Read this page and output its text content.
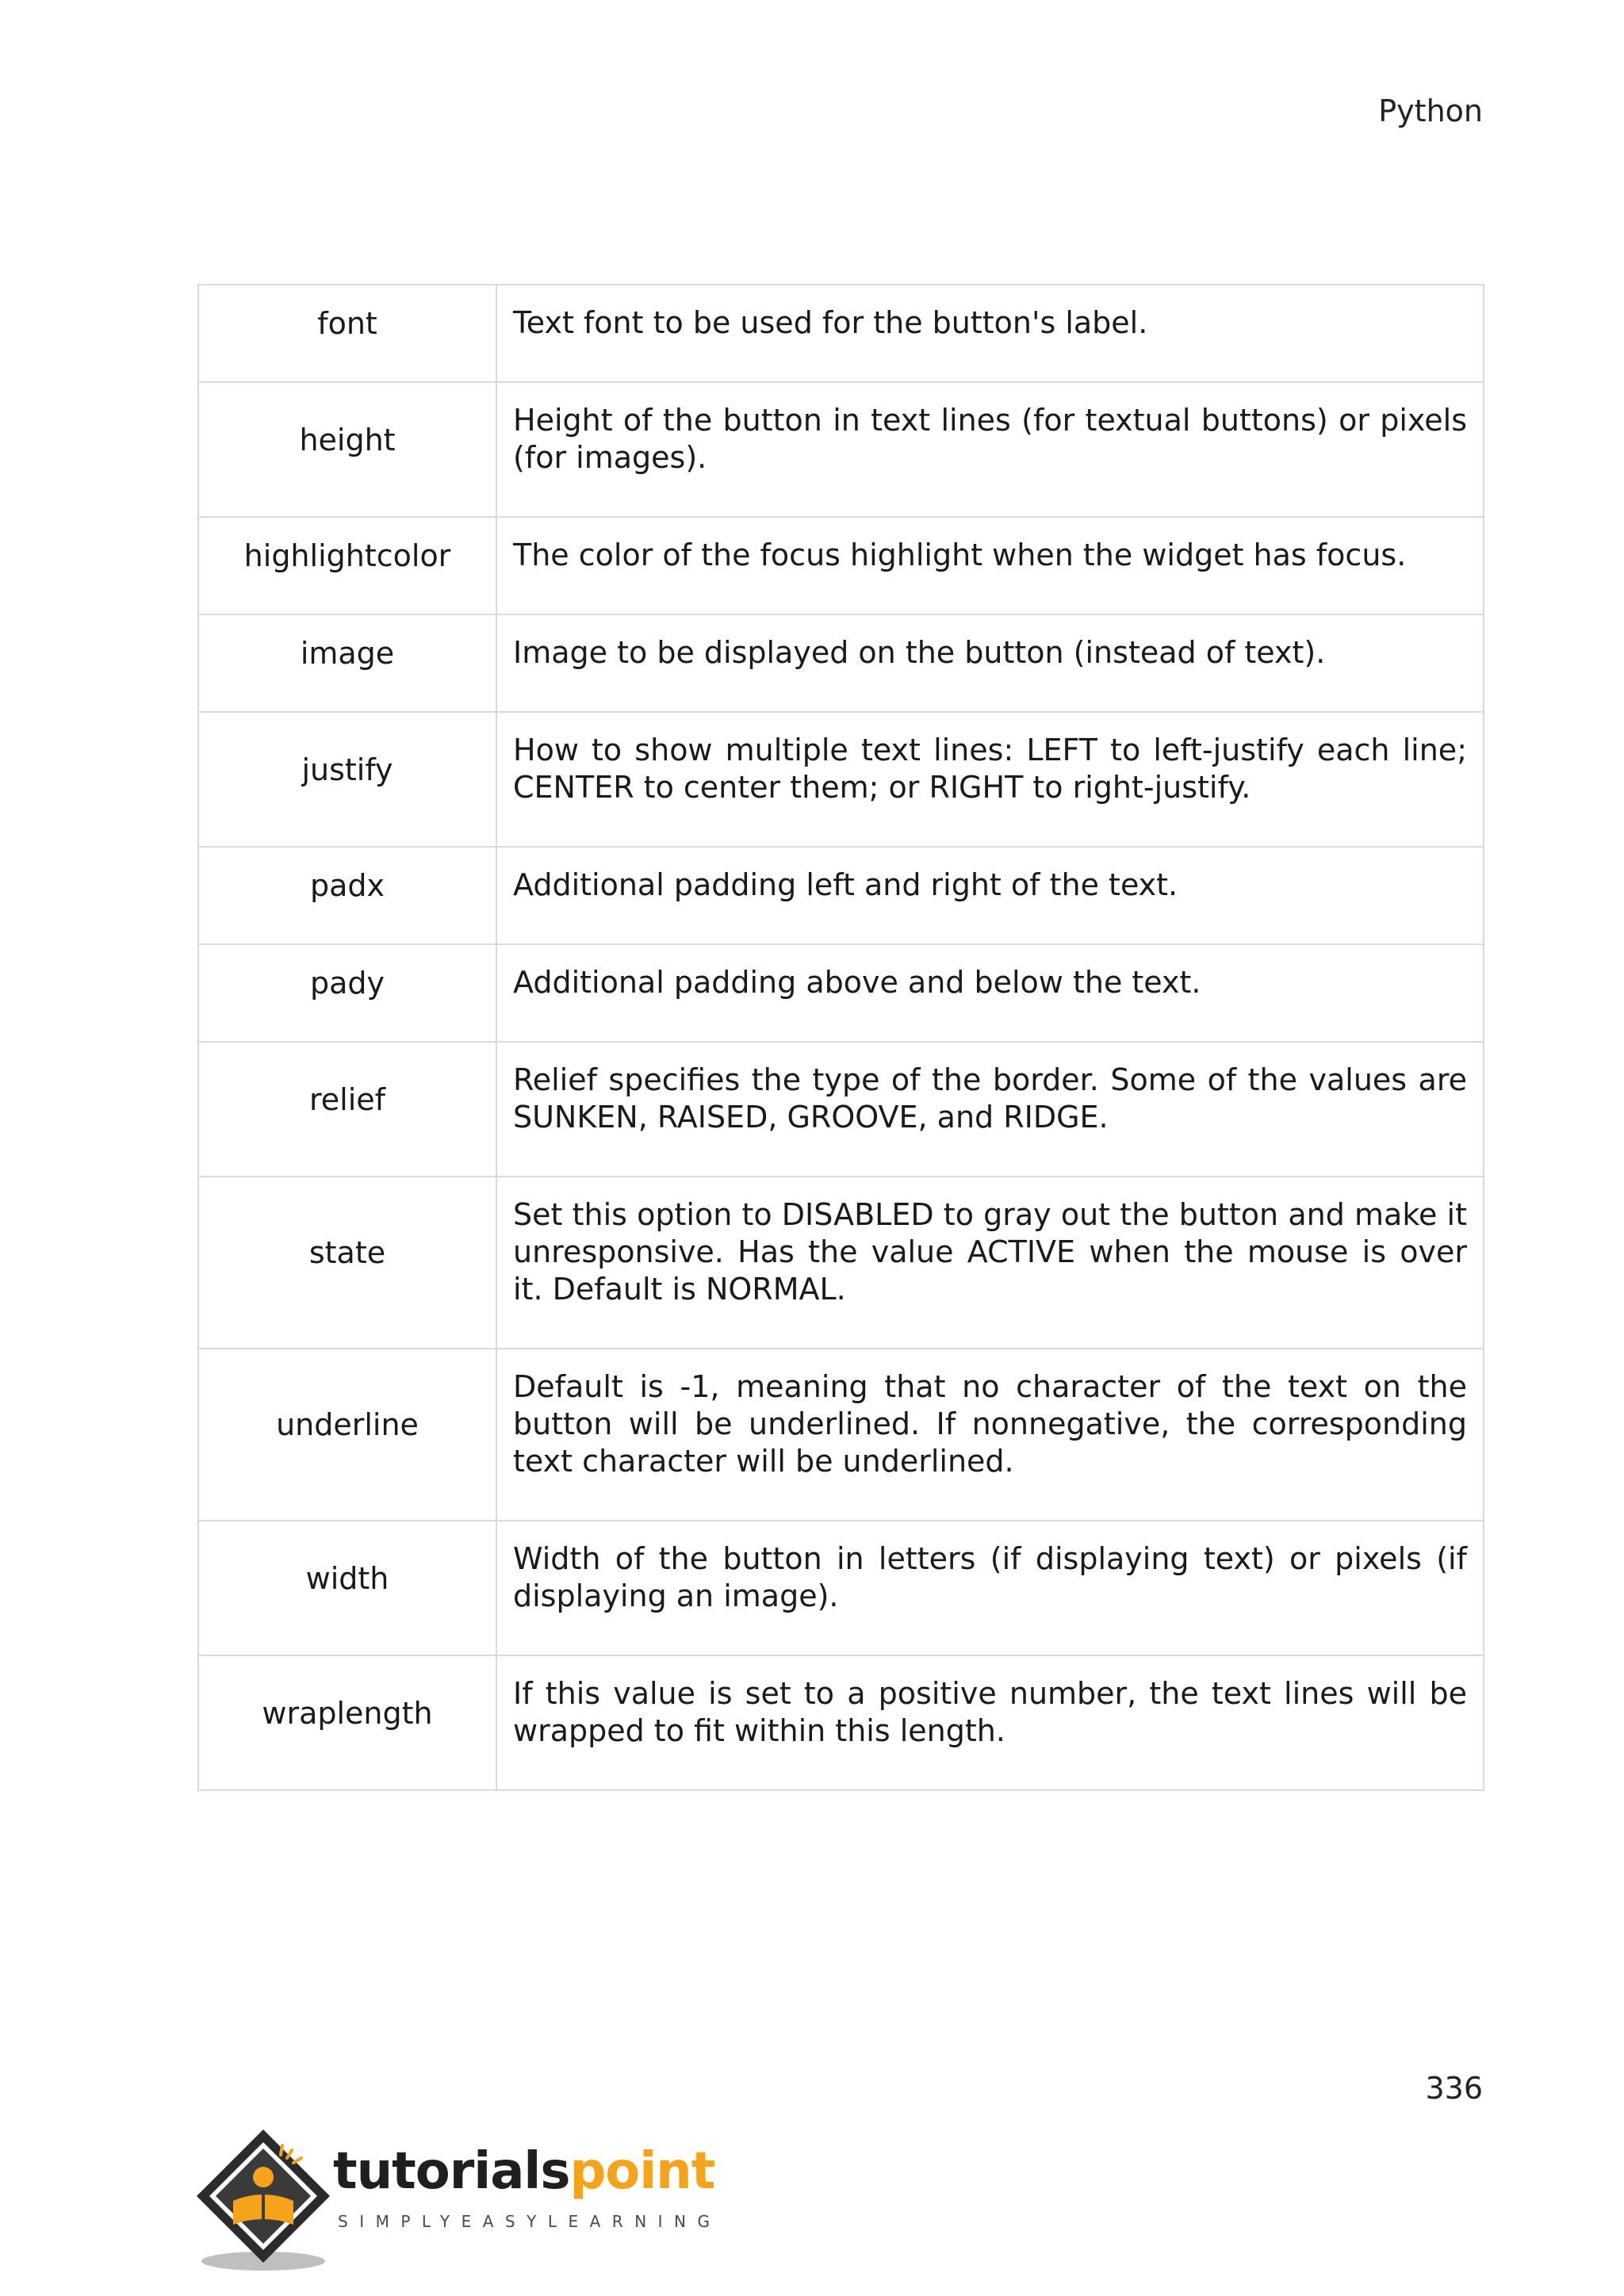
Python
font	Text font to be used for the button's label.
height	Height of the button in text lines (for textual buttons) or pixels (for images).
highlightcolor	The color of the focus highlight when the widget has focus.
image	Image to be displayed on the button (instead of text).
justify	How to show multiple text lines: LEFT to left-justify each line; CENTER to center them; or RIGHT to right-justify.
padx	Additional padding left and right of the text.
pady	Additional padding above and below the text.
relief	Relief specifies the type of the border. Some of the values are SUNKEN, RAISED, GROOVE, and RIDGE.
state	Set this option to DISABLED to gray out the button and make it unresponsive. Has the value ACTIVE when the mouse is over it. Default is NORMAL.
underline	Default is -1, meaning that no character of the text on the button will be underlined. If nonnegative, the corresponding text character will be underlined.
width	Width of the button in letters (if displaying text) or pixels (if displaying an image).
wraplength	If this value is set to a positive number, the text lines will be wrapped to fit within this length.
336
tutorialspoint
SIMPLYEASYLEARNING
